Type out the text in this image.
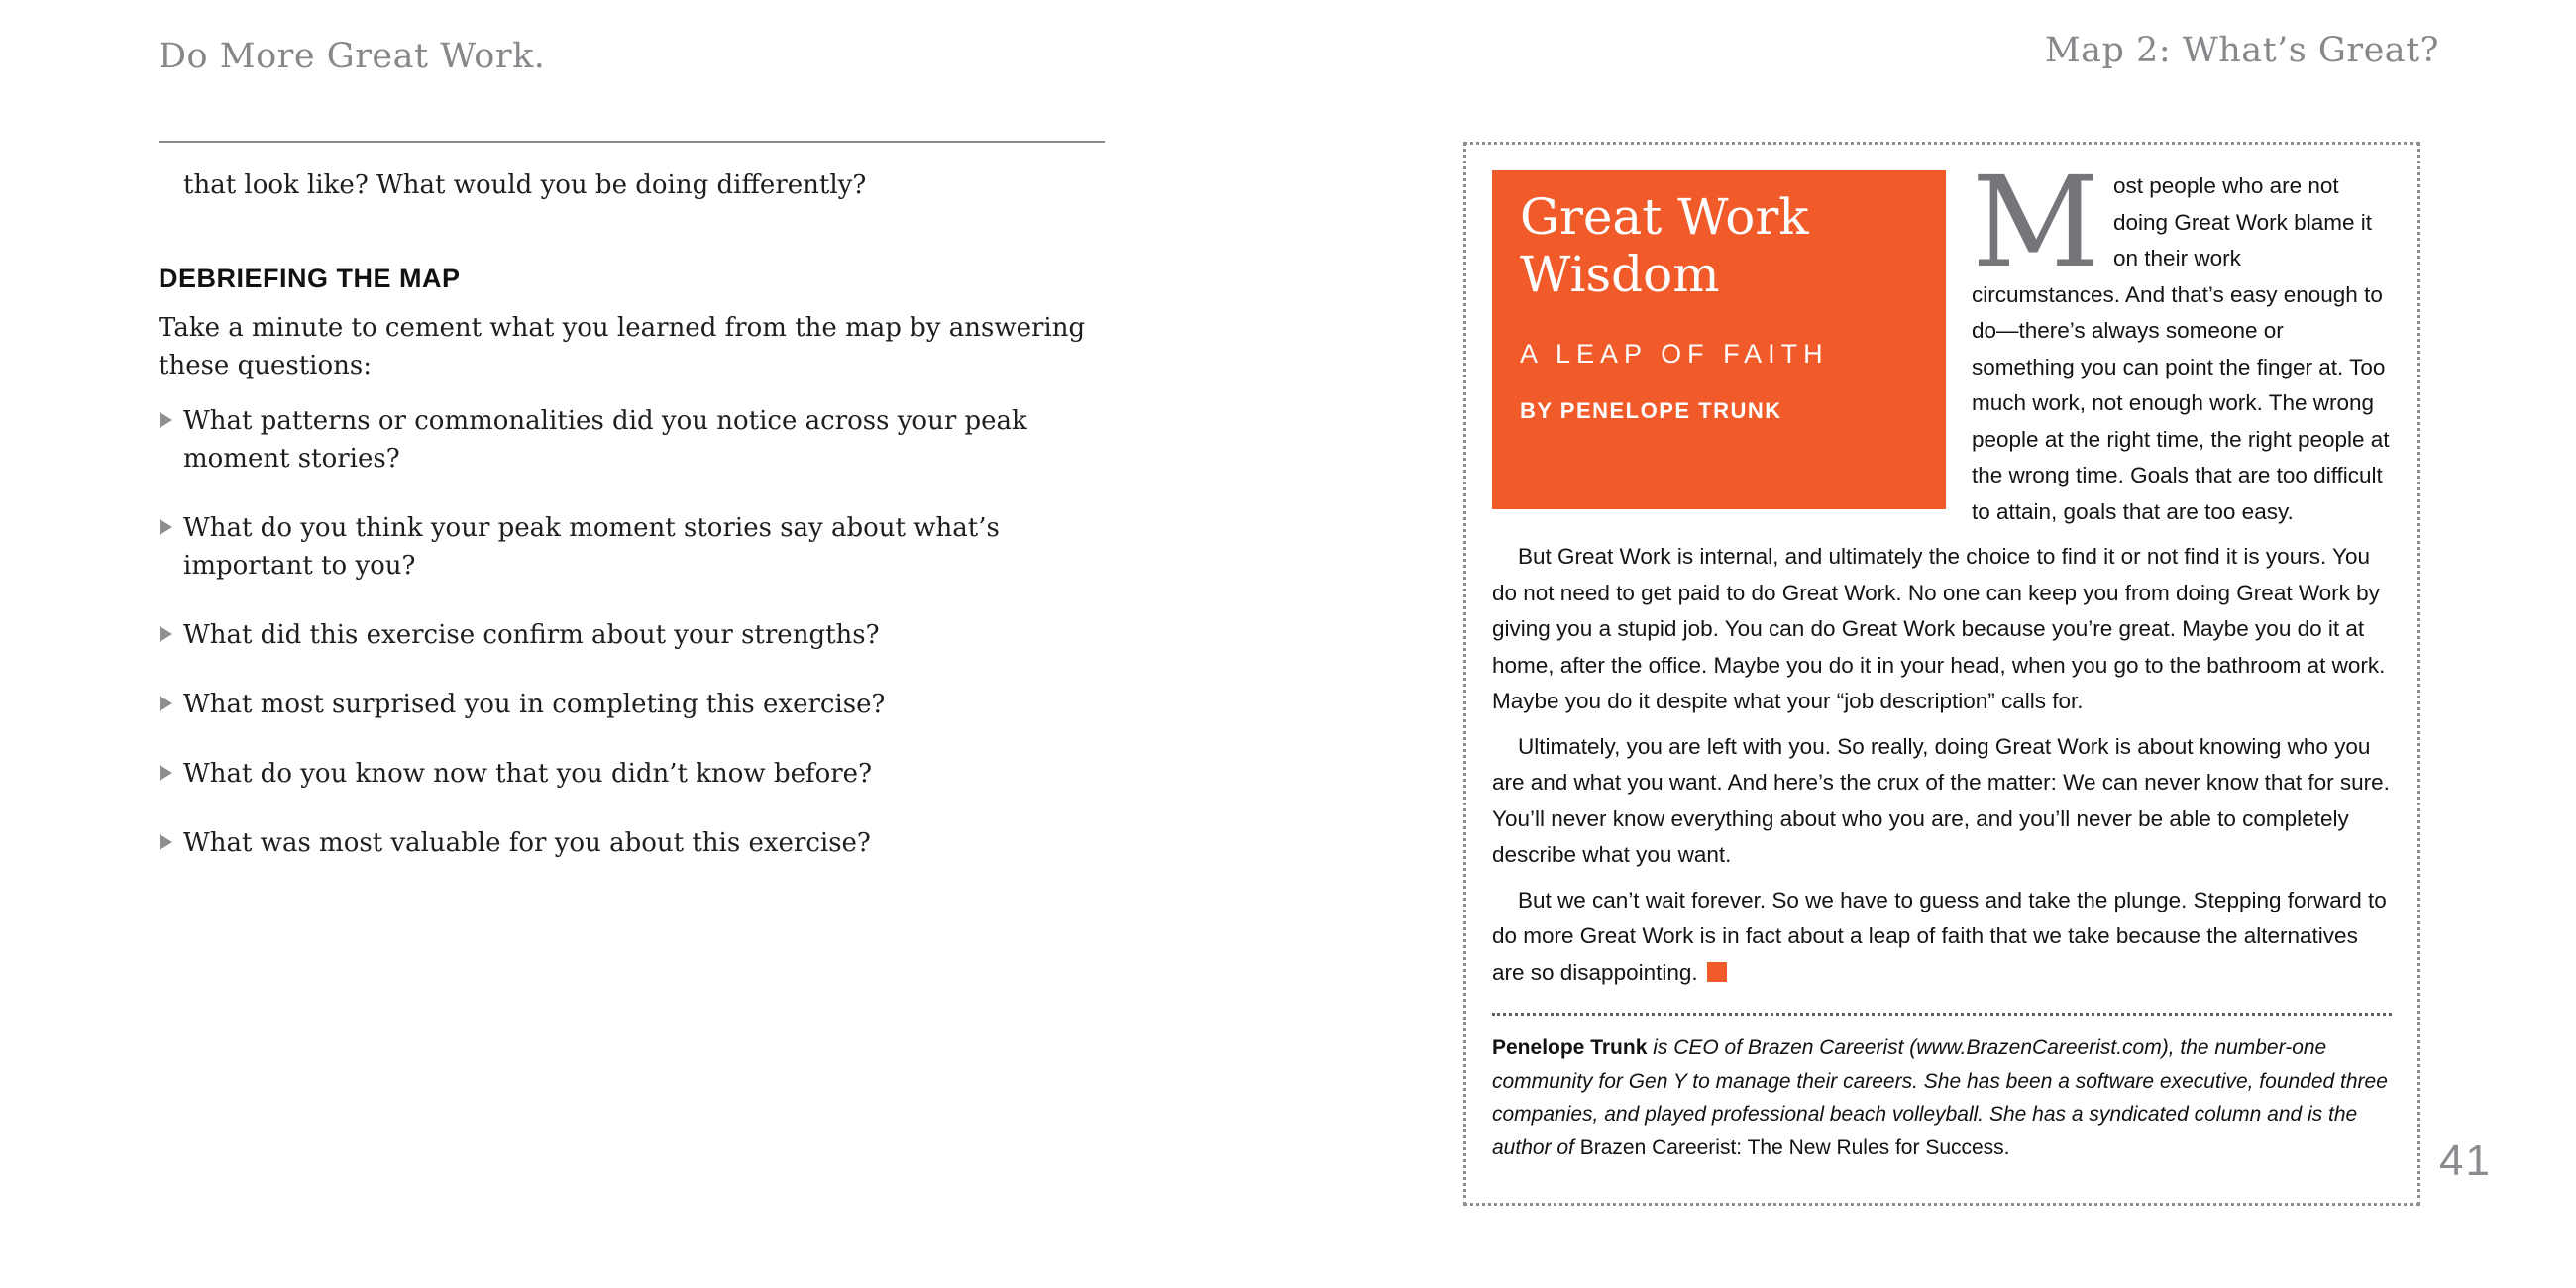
Do More Great Work.

that look like? What would you be doing differently?

DEBRIEFING THE MAP

Take a minute to cement what you learned from the map by answering these questions:

What patterns or commonalities did you notice across your peak moment stories?
What do you think your peak moment stories say about what’s important to you?
What did this exercise confirm about your strengths?
What most surprised you in completing this exercise?
What do you know now that you didn’t know before?
What was most valuable for you about this exercise?
Map 2: What’s Great?
Great Work Wisdom
A LEAP OF FAITH
BY PENELOPE TRUNK

Most people who are not doing Great Work blame it on their work circumstances. And that’s easy enough to do—there’s always someone or something you can point the finger at. Too much work, not enough work. The wrong people at the right time, the right people at the wrong time. Goals that are too difficult to attain, goals that are too easy.

But Great Work is internal, and ultimately the choice to find it or not find it is yours. You do not need to get paid to do Great Work. No one can keep you from doing Great Work by giving you a stupid job. You can do Great Work because you’re great. Maybe you do it at home, after the office. Maybe you do it in your head, when you go to the bathroom at work. Maybe you do it despite what your “job description” calls for.

Ultimately, you are left with you. So really, doing Great Work is about knowing who you are and what you want. And here’s the crux of the matter: We can never know that for sure. You’ll never know everything about who you are, and you’ll never be able to completely describe what you want.

But we can’t wait forever. So we have to guess and take the plunge. Stepping forward to do more Great Work is in fact about a leap of faith that we take because the alternatives are so disappointing.

Penelope Trunk is CEO of Brazen Careerist (www.BrazenCareerist.com), the number-one community for Gen Y to manage their careers. She has been a software executive, founded three companies, and played professional beach volleyball. She has a syndicated column and is the author of Brazen Careerist: The New Rules for Success.	41
